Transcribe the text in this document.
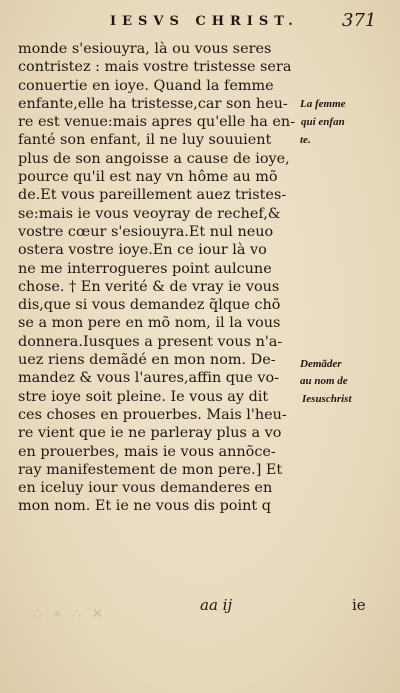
IESVS CHRIST. 371
monde s'esiouyra, là ou vous seres
contristez : mais vostre tristesse sera
conuertie en ioye. Quand la femme
enfante,elle ha tristesse,car son heu-
re est venue:mais apres qu'elle ha en-
fanté son enfant, il ne luy souuient
plus de son angoisse a cause de ioye,
pource qu'il est nay vn hôme au mõ
de.Et vous pareillement auez tristes-
se:mais ie vous veoyray de rechef,&
vostre cœur s'esiouyra.Et nul neuo
ostera vostre ioye.En ce iour là vo
ne me interrogueres point aulcune
chose. † En verité & de vray ie vous
dis,que si vous demandez q̃lque chõ
se a mon pere en mõ nom, il la vous
donnera.Iusques a present vous n'a-
uez riens demãdé en mon nom. De-
mandez & vous l'aures,affin que vo-
stre ioye soit pleine. Ie vous ay dit
ces choses en prouerbes. Mais l'heu-
re vient que ie ne parleray plus a vo
en prouerbes, mais ie vous annõce-
ray manifestement de mon pere.] Et
en iceluy iour vous demanderes en
mon nom. Et ie ne vous dis point q
La femme
qui enfan
te.
Demãder
au nom de
Iesuschrist
aa ij	ie
✕ ∴ ∗ ∴
